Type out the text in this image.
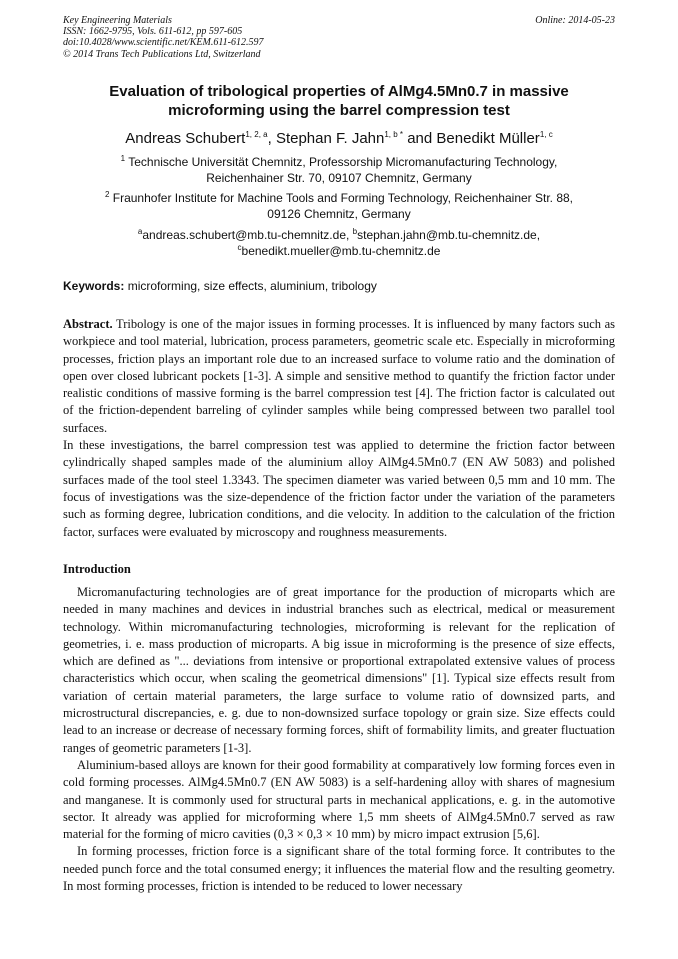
Key Engineering Materials
ISSN: 1662-9795, Vols. 611-612, pp 597-605
doi:10.4028/www.scientific.net/KEM.611-612.597
© 2014 Trans Tech Publications Ltd, Switzerland
Online: 2014-05-23
Evaluation of tribological properties of AlMg4.5Mn0.7 in massive
microforming using the barrel compression test
Andreas Schubert$^{1, 2, a}$, Stephan F. Jahn$^{1, b *}$ and Benedikt Müller$^{1, c}$
$^1$ Technische Universität Chemnitz, Professorship Micromanufacturing Technology,
Reichenhainer Str. 70, 09107 Chemnitz, Germany
$^2$ Fraunhofer Institute for Machine Tools and Forming Technology, Reichenhainer Str. 88,
09126 Chemnitz, Germany
$^a$andreas.schubert@mb.tu-chemnitz.de, $^b$stephan.jahn@mb.tu-chemnitz.de,
$^c$benedikt.mueller@mb.tu-chemnitz.de
Keywords: microforming, size effects, aluminium, tribology

Abstract. Tribology is one of the major issues in forming processes. It is influenced by many factors such as workpiece and tool material, lubrication, process parameters, geometric scale etc. Especially in microforming processes, friction plays an important role due to an increased surface to volume ratio and the domination of open over closed lubricant pockets [1-3]. A simple and sensitive method to quantify the friction factor under realistic conditions of massive forming is the barrel compression test [4]. The friction factor is calculated out of the friction-dependent barreling of cylinder samples while being compressed between two parallel tool surfaces.

In these investigations, the barrel compression test was applied to determine the friction factor between cylindrically shaped samples made of the aluminium alloy AlMg4.5Mn0.7 (EN AW 5083) and polished surfaces made of the tool steel 1.3343. The specimen diameter was varied between 0,5 mm and 10 mm. The focus of investigations was the size-dependence of the friction factor under the variation of the parameters such as forming degree, lubrication conditions, and die velocity. In addition to the calculation of the friction factor, surfaces were evaluated by microscopy and roughness measurements.

Introduction

Micromanufacturing technologies are of great importance for the production of microparts which are needed in many machines and devices in industrial branches such as electrical, medical or measurement technology. Within micromanufacturing technologies, microforming is relevant for the replication of geometries, i. e. mass production of microparts. A big issue in microforming is the presence of size effects, which are defined as "... deviations from intensive or proportional extrapolated extensive values of process characteristics which occur, when scaling the geometrical dimensions" [1]. Typical size effects result from variation of certain material parameters, the large surface to volume ratio of downsized parts, and microstructural discrepancies, e. g. due to non-downsized surface topology or grain size. Size effects could lead to an increase or decrease of necessary forming forces, shift of formability limits, and greater fluctuation ranges of geometric parameters [1-3].

Aluminium-based alloys are known for their good formability at comparatively low forming forces even in cold forming processes. AlMg4.5Mn0.7 (EN AW 5083) is a self-hardening alloy with shares of magnesium and manganese. It is commonly used for structural parts in mechanical applications, e. g. in the automotive sector. It already was applied for microforming where 1,5 mm sheets of AlMg4.5Mn0.7 served as raw material for the forming of micro cavities (0,3 × 0,3 × 10 mm) by micro impact extrusion [5,6].

In forming processes, friction force is a significant share of the total forming force. It contributes to the needed punch force and the total consumed energy; it influences the material flow and the resulting geometry. In most forming processes, friction is intended to be reduced to lower necessary
